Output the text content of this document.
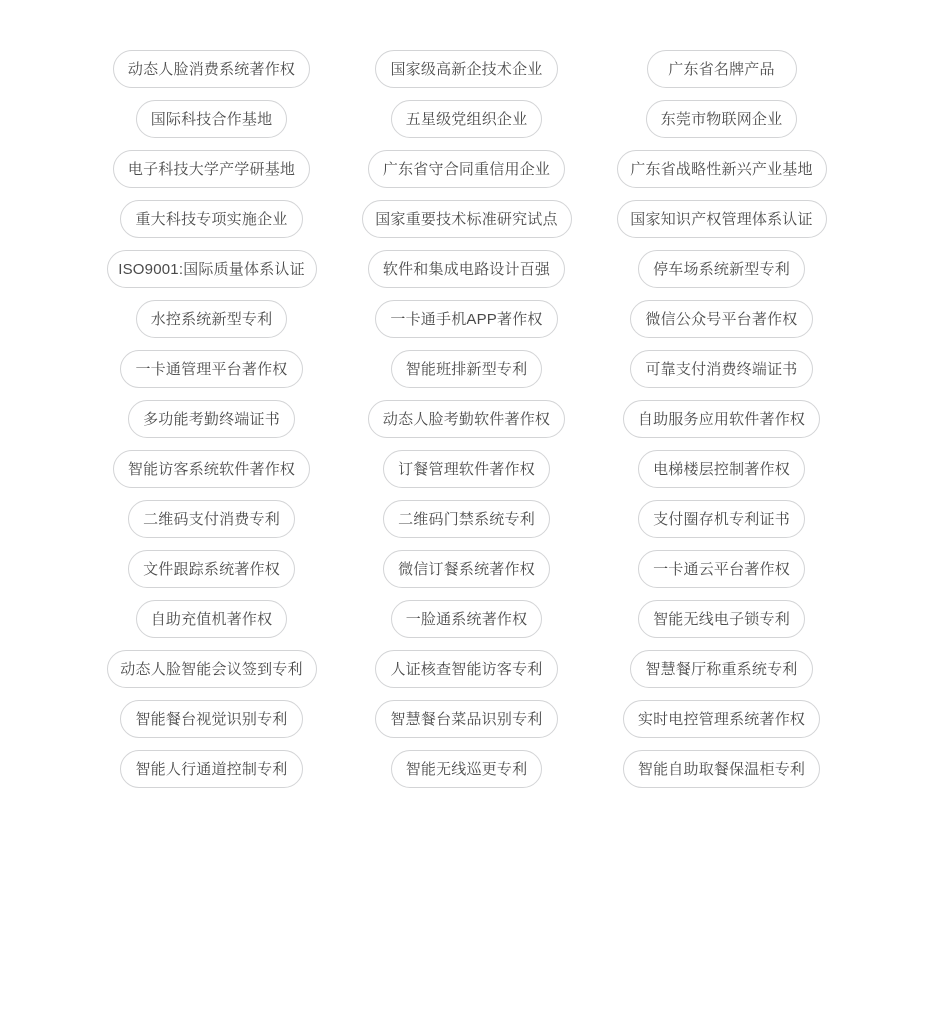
动态人脸消费系统著作权	国家级高新企技术企业	广东省名牌产品
国际科技合作基地	五星级党组织企业	东莞市物联网企业
电子科技大学产学研基地	广东省守合同重信用企业	广东省战略性新兴产业基地
重大科技专项实施企业	国家重要技术标准研究试点	国家知识产权管理体系认证
ISO9001:国际质量体系认证	软件和集成电路设计百强	停车场系统新型专利
水控系统新型专利	一卡通手机APP著作权	微信公众号平台著作权
一卡通管理平台著作权	智能班排新型专利	可靠支付消费终端证书
多功能考勤终端证书	动态人脸考勤软件著作权	自助服务应用软件著作权
智能访客系统软件著作权	订餐管理软件著作权	电梯楼层控制著作权
二维码支付消费专利	二维码门禁系统专利	支付圈存机专利证书
文件跟踪系统著作权	微信订餐系统著作权	一卡通云平台著作权
自助充值机著作权	一脸通系统著作权	智能无线电子锁专利
动态人脸智能会议签到专利	人证核查智能访客专利	智慧餐厅称重系统专利
智能餐台视觉识别专利	智慧餐台菜品识别专利	实时电控管理系统著作权
智能人行通道控制专利	智能无线巡更专利	智能自助取餐保温柜专利
